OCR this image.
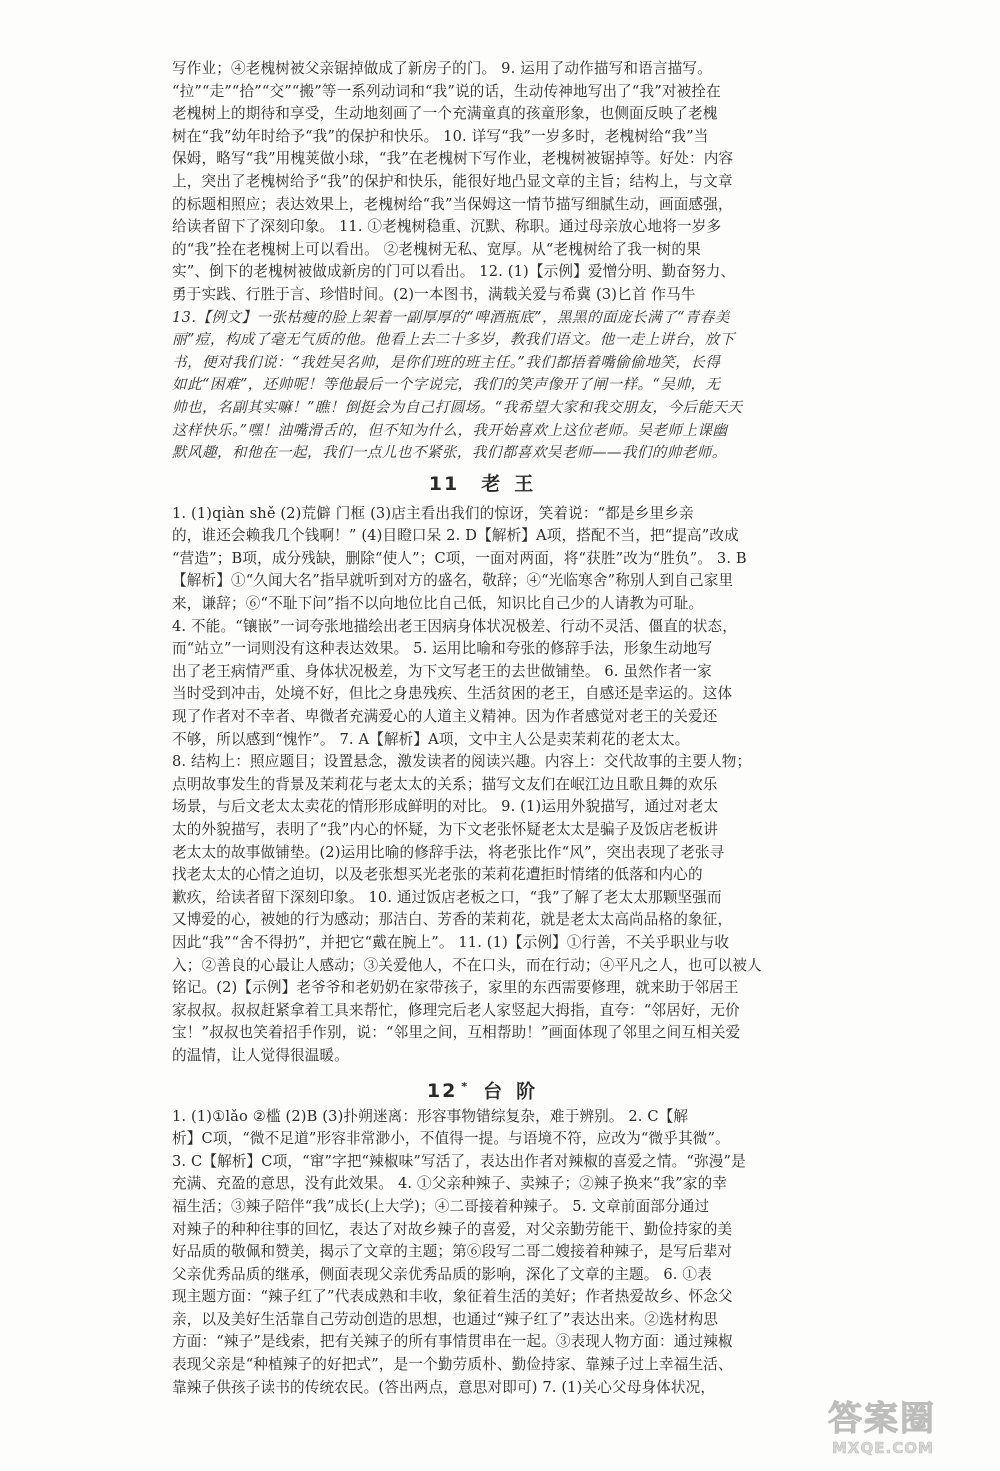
写作业；④老槐树被父亲锯掉做成了新房子的门。 9. 运用了动作描写和语言描写。

“拉”“走”“拾”“交”“搬”等一系列动词和“我”说的话，生动传神地写出了“我”对被拴在

老槐树上的期待和享受，生动地刻画了一个充满童真的孩童形象，也侧面反映了老槐

树在“我”幼年时给予“我”的保护和快乐。 10. 详写“我”一岁多时，老槐树给“我”当

保姆，略写“我”用槐荚做小球，“我”在老槐树下写作业，老槐树被锯掉等。好处：内容

上，突出了老槐树给予“我”的保护和快乐，能很好地凸显文章的主旨；结构上，与文章

的标题相照应；表达效果上，老槐树给“我”当保姆这一情节描写细腻生动，画面感强，

给读者留下了深刻印象。 11. ①老槐树稳重、沉默、称职。通过母亲放心地将一岁多

的“我”拴在老槐树上可以看出。 ②老槐树无私、宽厚。从“老槐树给了我一树的果

实”、倒下的老槐树被做成新房的门可以看出。 12. (1)【示例】爱憎分明、勤奋努力、

勇于实践、行胜于言、珍惜时间。(2)一本图书，满载关爱与希冀 (3)匕首 作马牛

13.【例文】一张枯瘦的脸上架着一副厚厚的“啤酒瓶底”，黑黑的面庞长满了“青春美

丽”痘，构成了毫无气质的他。他看上去二十多岁，教我们语文。他一走上讲台，放下

书，便对我们说：“我姓吴名帅，是你们班的班主任。”我们都捂着嘴偷偷地笑，长得

如此“困难”，还帅呢！等他最后一个字说完，我们的笑声像开了闸一样。“吴帅，无

帅也，名副其实嘛！”瞧！倒挺会为自己打圆场。“我希望大家和我交朋友，今后能天天

这样快乐。”嘿！油嘴滑舌的，但不知为什么，我开始喜欢上这位老师。吴老师上课幽

默风趣，和他在一起，我们一点儿也不紧张，我们都喜欢吴老师——我们的帅老师。

11 老王

1. (1)qiàn shě (2)荒僻 门框 (3)店主看出我们的惊讶，笑着说：“都是乡里乡亲

的，谁还会赖我几个钱啊！” (4)目瞪口呆 2. D【解析】A项，搭配不当，把“提高”改成

“营造”；B项，成分残缺，删除“使人”；C项，一面对两面，将“获胜”改为“胜负”。 3. B

【解析】①“久闻大名”指早就听到对方的盛名，敬辞；④“光临寒舍”称别人到自己家里

来，谦辞；⑥“不耻下问”指不以向地位比自己低，知识比自己少的人请教为可耻。

4. 不能。“镶嵌”一词夸张地描绘出老王因病身体状况极差、行动不灵活、僵直的状态，

而“站立”一词则没有这种表达效果。 5. 运用比喻和夸张的修辞手法，形象生动地写

出了老王病情严重、身体状况极差，为下文写老王的去世做铺垫。 6. 虽然作者一家

当时受到冲击，处境不好，但比之身患残疾、生活贫困的老王，自感还是幸运的。这体

现了作者对不幸者、卑微者充满爱心的人道主义精神。因为作者感觉对老王的关爱还

不够，所以感到“愧怍”。 7. A【解析】A项，文中主人公是卖茉莉花的老太太。

8. 结构上：照应题目；设置悬念，激发读者的阅读兴趣。内容上：交代故事的主要人物；

点明故事发生的背景及茉莉花与老太太的关系；描写文友们在岷江边且歌且舞的欢乐

场景，与后文老太太卖花的情形形成鲜明的对比。 9. (1)运用外貌描写，通过对老太

太的外貌描写，表明了“我”内心的怀疑，为下文老张怀疑老太太是骗子及饭店老板讲

老太太的故事做铺垫。(2)运用比喻的修辞手法，将老张比作“风”，突出表现了老张寻

找老太太的心情之迫切，以及老张想买光老张的茉莉花遭拒时情绪的低落和内心的

歉疚，给读者留下深刻印象。 10. 通过饭店老板之口，“我”了解了老太太那颗坚强而

又博爱的心，被她的行为感动；那洁白、芳香的茉莉花，就是老太太高尚品格的象征，

因此“我”“舍不得扔”，并把它“戴在腕上”。 11. (1)【示例】①行善，不关乎职业与收

入；②善良的心最让人感动；③关爱他人，不在口头，而在行动；④平凡之人，也可以被人

铭记。(2)【示例】老爷爷和老奶奶在家带孩子，家里的东西需要修理，就来助于邻居王

家叔叔。叔叔赶紧拿着工具来帮忙，修理完后老人家竖起大拇指，直夸：“邻居好，无价

宝！”叔叔也笑着招手作别，说：“邻里之间，互相帮助！”画面体现了邻里之间互相关爱

的温情，让人觉得很温暖。

12 * 台阶

1. (1)①lǎo ②槛 (2)B (3)扑朔迷离：形容事物错综复杂，难于辨别。 2. C【解

析】C项，“微不足道”形容非常渺小，不值得一提。与语境不符，应改为“微乎其微”。

3. C【解析】C项，“窜”字把“辣椒味”写活了，表达出作者对辣椒的喜爱之情。“弥漫”是

充满、充盈的意思，没有此效果。 4. ①父亲种辣子、卖辣子；②辣子换来“我”家的幸

福生活；③辣子陪伴“我”成长(上大学)；④二哥接着种辣子。 5. 文章前面部分通过

对辣子的种种往事的回忆，表达了对故乡辣子的喜爱，对父亲勤劳能干、勤俭持家的美

好品质的敬佩和赞美，揭示了文章的主题；第⑥段写二哥二嫂接着种辣子，是写后辈对

父亲优秀品质的继承，侧面表现父亲优秀品质的影响，深化了文章的主题。 6. ①表

现主题方面：“辣子红了”代表成熟和丰收，象征着生活的美好；作者热爱故乡、怀念父

亲，以及美好生活靠自己劳动创造的思想，也通过“辣子红了”表达出来。②选材构思

方面：“辣子”是线索，把有关辣子的所有事情贯串在一起。③表现人物方面：通过辣椒

表现父亲是“种植辣子的好把式”，是一个勤劳质朴、勤俭持家、靠辣子过上幸福生活、

靠辣子供孩子读书的传统农民。(答出两点，意思对即可) 7. (1)关心父母身体状况，

答案圈
MXQE.COM
